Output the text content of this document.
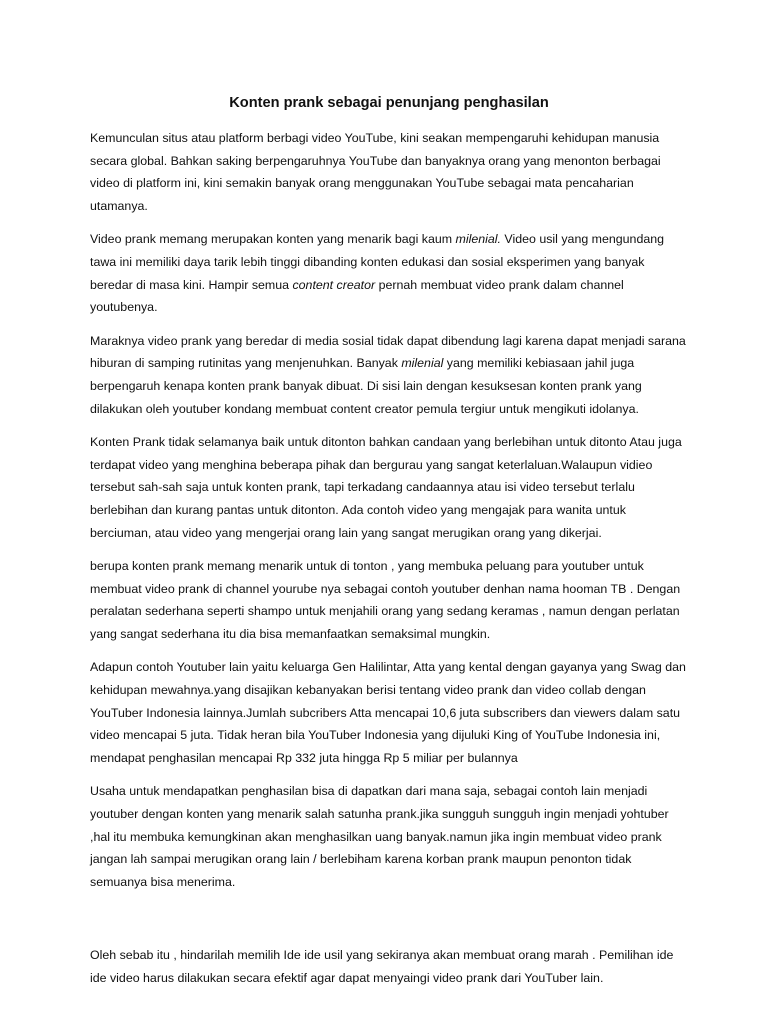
Konten prank sebagai penunjang penghasilan

Kemunculan situs atau platform berbagi video YouTube, kini seakan mempengaruhi kehidupan manusia secara global. Bahkan saking berpengaruhnya YouTube dan banyaknya orang yang menonton berbagai video di platform ini, kini semakin banyak orang menggunakan YouTube sebagai mata pencaharian utamanya.

Video prank memang merupakan konten yang menarik bagi kaum milenial. Video usil yang mengundang tawa ini memiliki daya tarik lebih tinggi dibanding konten edukasi dan sosial eksperimen yang banyak beredar di masa kini. Hampir semua content creator pernah membuat video prank dalam channel youtubenya.

Maraknya video prank yang beredar di media sosial tidak dapat dibendung lagi karena dapat menjadi sarana hiburan di samping rutinitas yang menjenuhkan. Banyak milenial yang memiliki kebiasaan jahil juga berpengaruh kenapa konten prank banyak dibuat. Di sisi lain dengan kesuksesan konten prank yang dilakukan oleh youtuber kondang membuat content creator pemula tergiur untuk mengikuti idolanya.

Konten Prank tidak selamanya baik untuk ditonton bahkan candaan yang berlebihan untuk ditonto Atau juga terdapat video yang menghina beberapa pihak dan bergurau yang sangat keterlaluan.Walaupun vidieo tersebut sah-sah saja untuk konten prank, tapi terkadang candaannya atau isi video tersebut terlalu berlebihan dan kurang pantas untuk ditonton. Ada contoh video yang mengajak para wanita untuk berciuman, atau video yang mengerjai orang lain yang sangat merugikan orang yang dikerjai.

berupa konten prank memang menarik untuk di tonton , yang membuka peluang para youtuber untuk membuat video prank di channel yourube nya sebagai contoh youtuber denhan nama hooman TB . Dengan peralatan sederhana seperti shampo untuk menjahili orang yang sedang keramas , namun dengan perlatan yang sangat sederhana itu dia bisa memanfaatkan semaksimal mungkin.

Adapun contoh Youtuber lain yaitu keluarga Gen Halilintar, Atta yang kental dengan gayanya yang Swag dan kehidupan mewahnya.yang disajikan kebanyakan berisi tentang video prank dan video collab dengan YouTuber Indonesia lainnya.Jumlah subcribers Atta mencapai 10,6 juta subscribers dan viewers dalam satu video mencapai 5 juta. Tidak heran bila YouTuber Indonesia yang dijuluki King of YouTube Indonesia ini, mendapat penghasilan mencapai Rp 332 juta hingga Rp 5 miliar per bulannya

Usaha untuk mendapatkan penghasilan bisa di dapatkan dari mana saja, sebagai contoh lain menjadi youtuber dengan konten yang menarik salah satunha prank.jika sungguh sungguh ingin menjadi yohtuber ,hal itu membuka kemungkinan akan menghasilkan uang banyak.namun jika ingin membuat video prank jangan lah sampai merugikan orang lain / berlebiham karena korban prank maupun penonton tidak semuanya bisa menerima.

Oleh sebab itu , hindarilah memilih Ide ide usil yang sekiranya akan membuat orang marah . Pemilihan ide ide video harus dilakukan secara efektif agar dapat menyaingi video prank dari YouTuber lain.
